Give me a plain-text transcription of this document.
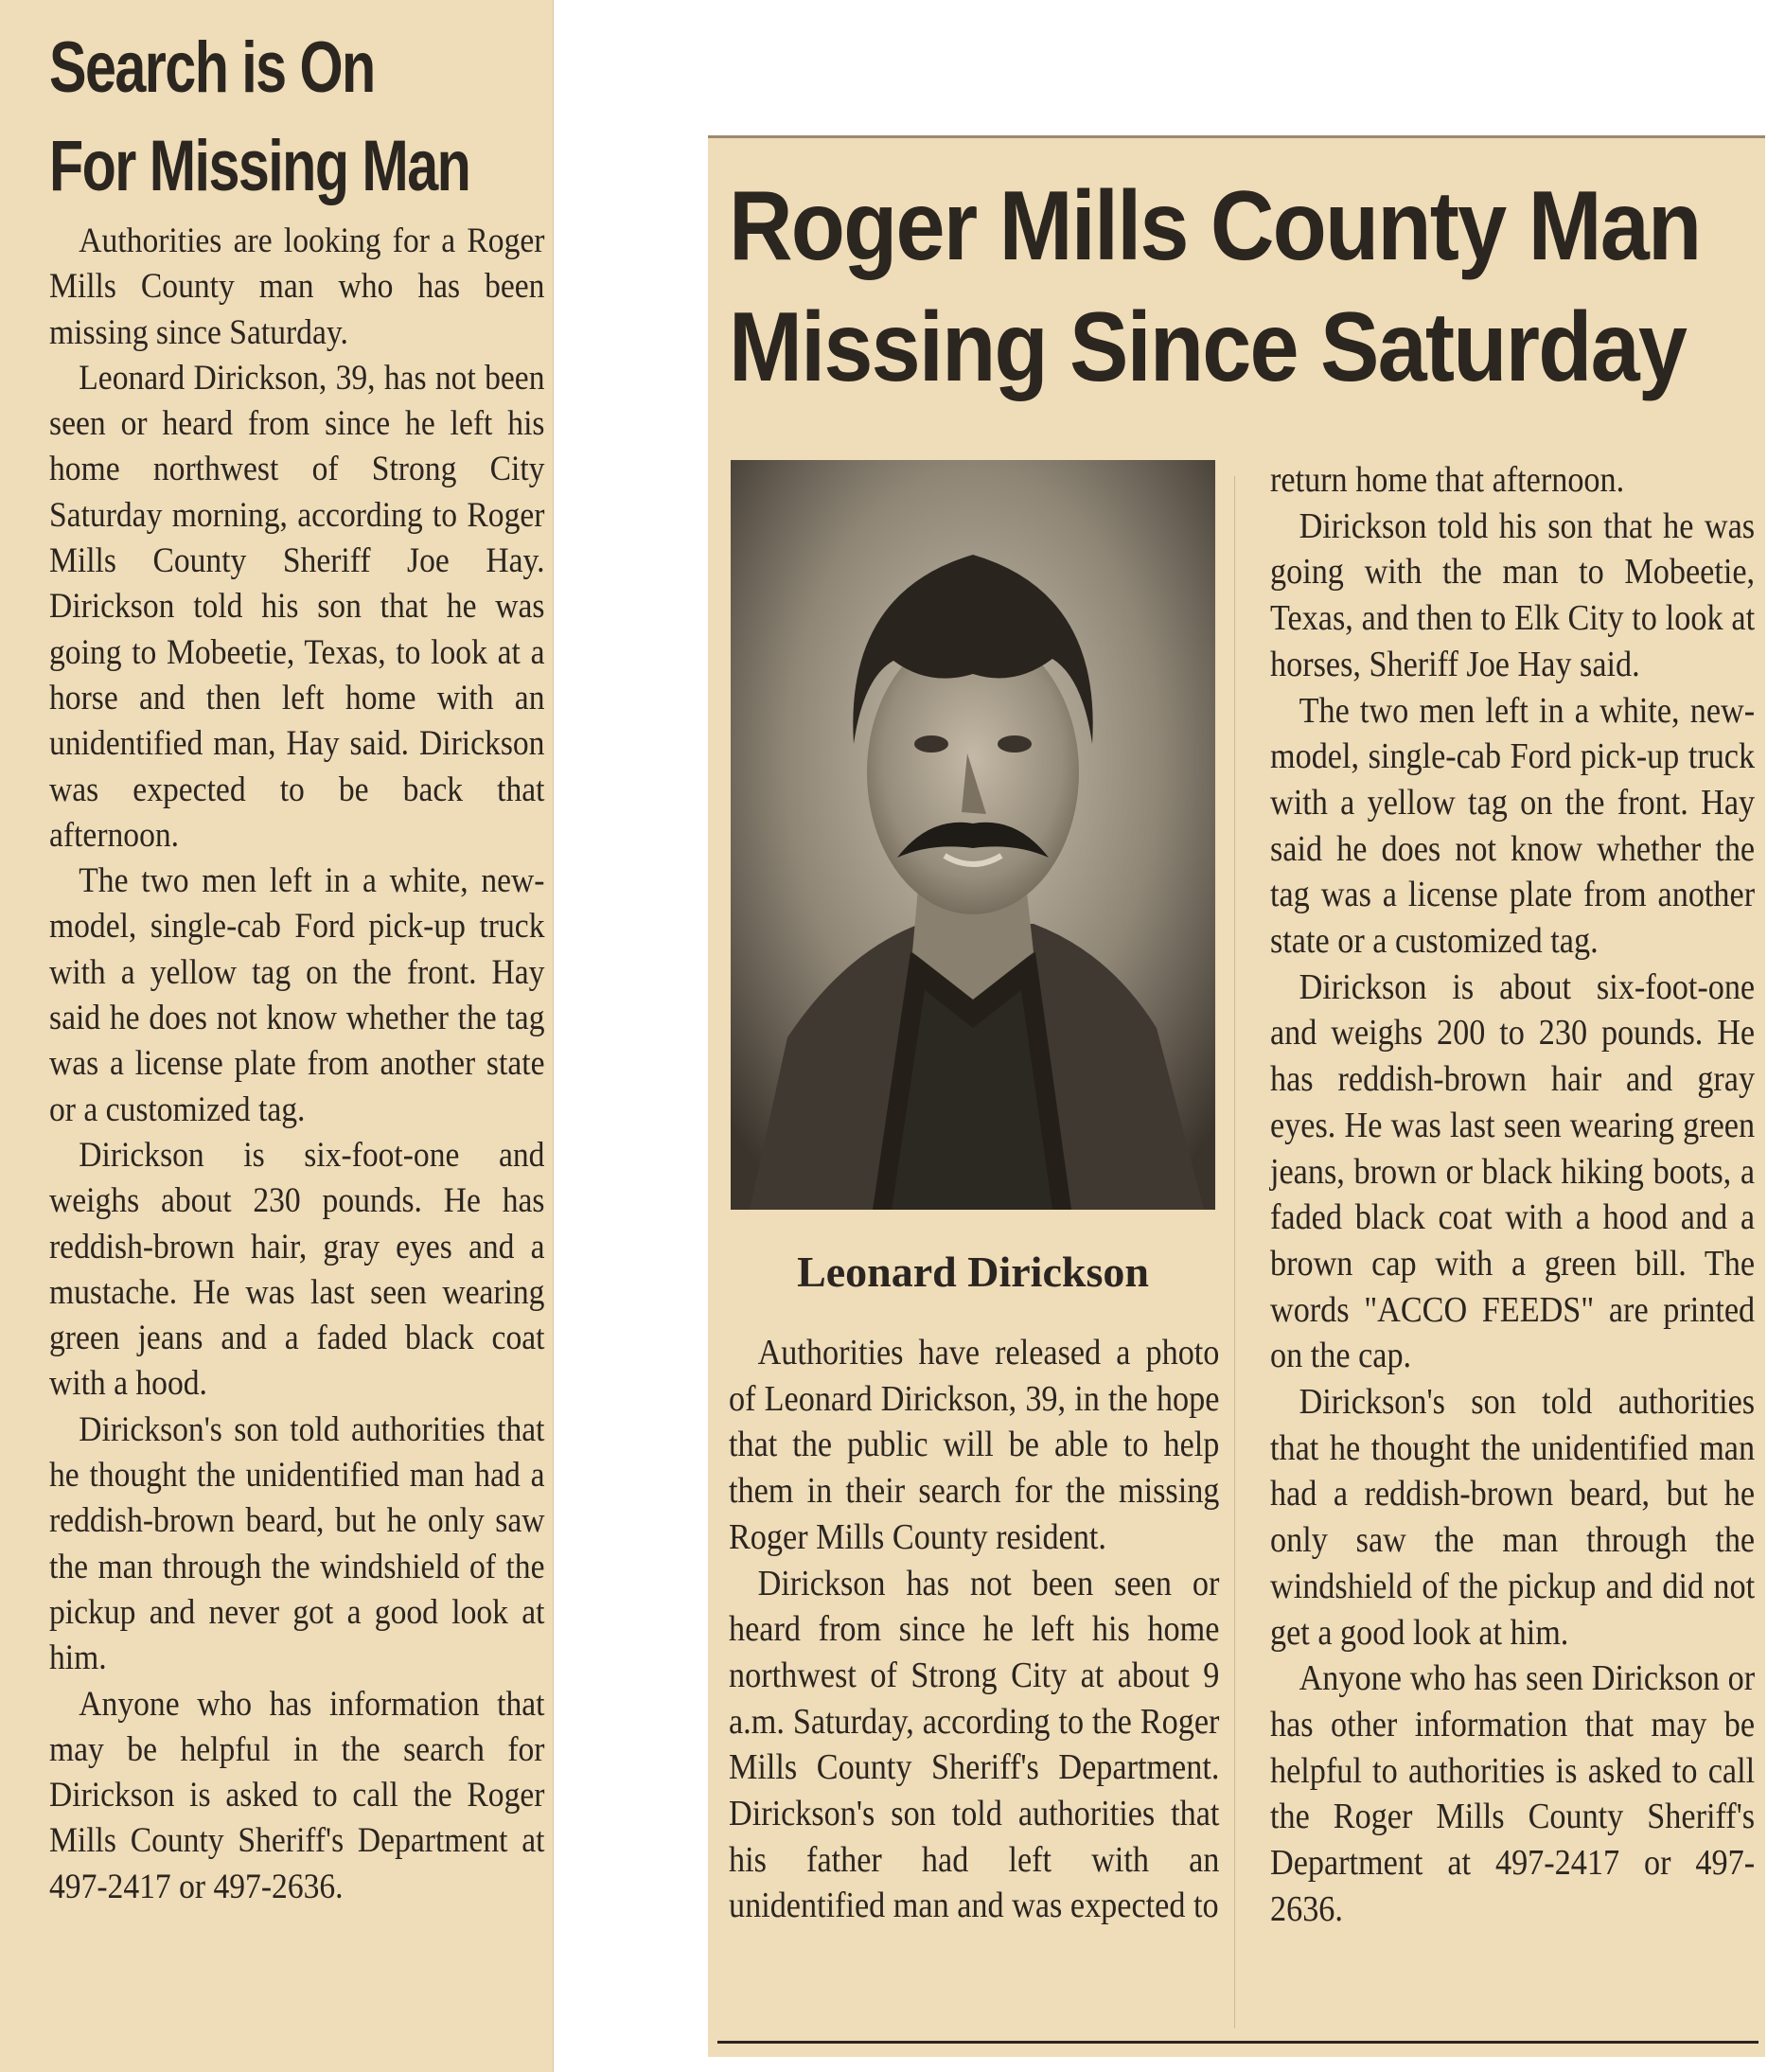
Search is On
For Missing Man

Authorities are looking for a Roger Mills County man who has been missing since Saturday.

Leonard Dirickson, 39, has not been seen or heard from since he left his home northwest of Strong City Saturday morning, according to Roger Mills County Sheriff Joe Hay. Dirickson told his son that he was going to Mobeetie, Texas, to look at a horse and then left home with an unidentified man, Hay said. Dirickson was expected to be back that afternoon.

The two men left in a white, new-model, single-cab Ford pick-up truck with a yellow tag on the front. Hay said he does not know whether the tag was a license plate from another state or a customized tag.

Dirickson is six-foot-one and weighs about 230 pounds. He has reddish-brown hair, gray eyes and a mustache. He was last seen wearing green jeans and a faded black coat with a hood.

Dirickson's son told authorities that he thought the unidentified man had a reddish-brown beard, but he only saw the man through the windshield of the pickup and never got a good look at him.

Anyone who has information that may be helpful in the search for Dirickson is asked to call the Roger Mills County Sheriff's Department at 497-2417 or 497-2636.

Roger Mills County Man
Missing Since Saturday
Leonard Dirickson

Authorities have released a photo of Leonard Dirickson, 39, in the hope that the public will be able to help them in their search for the missing Roger Mills County resident.

Dirickson has not been seen or heard from since he left his home northwest of Strong City at about 9 a.m. Saturday, according to the Roger Mills County Sheriff's Department. Dirickson's son told authorities that his father had left with an unidentified man and was expected to

return home that afternoon.

Dirickson told his son that he was going with the man to Mobeetie, Texas, and then to Elk City to look at horses, Sheriff Joe Hay said.

The two men left in a white, new-model, single-cab Ford pick-up truck with a yellow tag on the front. Hay said he does not know whether the tag was a license plate from another state or a customized tag.

Dirickson is about six-foot-one and weighs 200 to 230 pounds. He has reddish-brown hair and gray eyes. He was last seen wearing green jeans, brown or black hiking boots, a faded black coat with a hood and a brown cap with a green bill. The words "ACCO FEEDS" are printed on the cap.

Dirickson's son told authorities that he thought the unidentified man had a reddish-brown beard, but he only saw the man through the windshield of the pickup and did not get a good look at him.

Anyone who has seen Dirickson or has other information that may be helpful to authorities is asked to call the Roger Mills County Sheriff's Department at 497-2417 or 497-2636.
